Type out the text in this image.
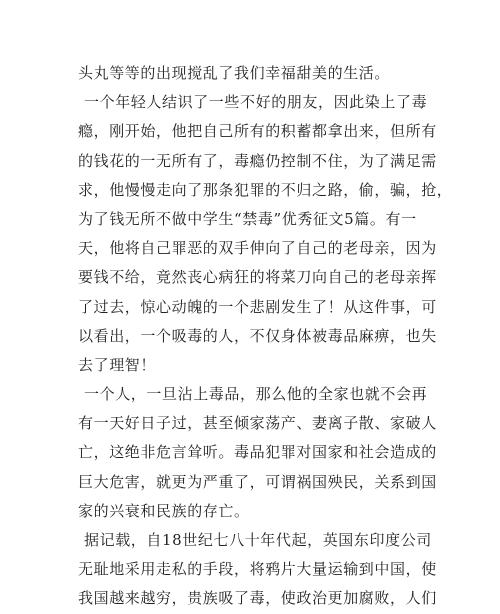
头丸等等的出现搅乱了我们幸福甜美的生活。
一个年轻人结识了一些不好的朋友，因此染上了毒
瘾，刚开始，他把自己所有的积蓄都拿出来，但所有
的钱花的一无所有了，毒瘾仍控制不住，为了满足需
求，他慢慢走向了那条犯罪的不归之路，偷，骗，抢，
为了钱无所不做中学生“禁毒”优秀征文5篇。有一
天，他将自己罪恶的双手伸向了自己的老母亲，因为
要钱不给，竟然丧心病狂的将菜刀向自己的老母亲挥
了过去，惊心动魄的一个悲剧发生了！从这件事，可
以看出，一个吸毒的人，不仅身体被毒品麻痹，也失
去了理智！
一个人，一旦沾上毒品，那么他的全家也就不会再
有一天好日子过，甚至倾家荡产、妻离子散、家破人
亡，这绝非危言耸听。毒品犯罪对国家和社会造成的
巨大危害，就更为严重了，可谓祸国殃民，关系到国
家的兴衰和民族的存亡。
据记载，自18世纪七八十年代起，英国东印度公司
无耻地采用走私的手段，将鸦片大量运输到中国，使
我国越来越穷，贵族吸了毒，使政治更加腐败，人们
